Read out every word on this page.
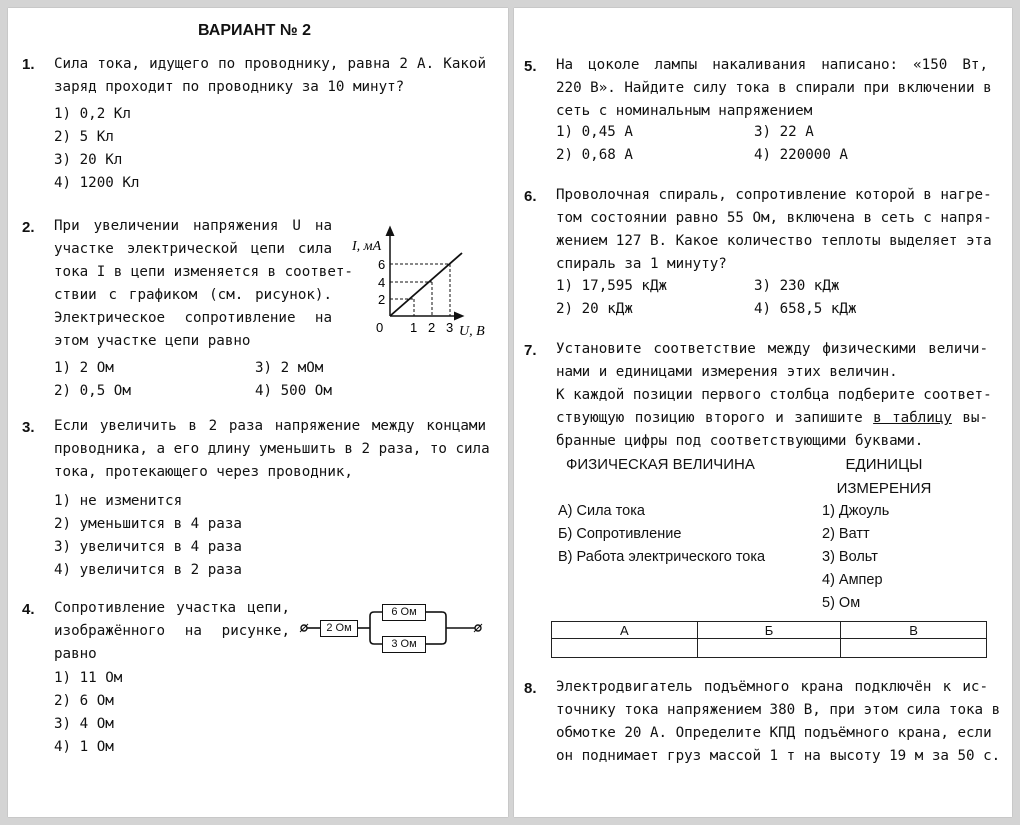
ВАРИАНТ № 2
1. Сила тока, идущего по проводнику, равна 2 А. Какой
заряд проходит по проводнику за 10 минут?
1) 0,2 Кл
2) 5 Кл
3) 20 Кл
4) 1200 Кл
2. При увеличении напряжения U на
участке электрической цепи сила
тока I в цепи изменяется в соответ-
ствии с графиком (см. рисунок).
Электрическое сопротивление на
этом участке цепи равно
I, мА
U, В
0
2
4
6
1 2 3
1) 2 Ом	3) 2 мОм
2) 0,5 Ом	4) 500 Ом
3. Если увеличить в 2 раза напряжение между концами
проводника, а его длину уменьшить в 2 раза, то сила
тока, протекающего через проводник,
1) не изменится
2) уменьшится в 4 раза
3) увеличится в 4 раза
4) увеличится в 2 раза
4. Сопротивление участка цепи,
изображённого на рисунке,
равно
2 Ом
6 Ом
3 Ом
1) 11 Ом
2) 6 Ом
3) 4 Ом
4) 1 Ом
5. На цоколе лампы накаливания написано: «150 Вт,
220 В». Найдите силу тока в спирали при включении в
сеть с номинальным напряжением
1) 0,45 А	3) 22 А
2) 0,68 А	4) 220000 А
6. Проволочная спираль, сопротивление которой в нагре-
том состоянии равно 55 Ом, включена в сеть с напря-
жением 127 В. Какое количество теплоты выделяет эта
спираль за 1 минуту?
1) 17,595 кДж	3) 230 кДж
2) 20 кДж	4) 658,5 кДж
7. Установите соответствие между физическими величи-
нами и единицами измерения этих величин.
К каждой позиции первого столбца подберите соответ-
ствующую позицию второго и запишите в таблицу вы-
бранные цифры под соответствующими буквами.
ФИЗИЧЕСКАЯ ВЕЛИЧИНА	ЕДИНИЦЫ
ИЗМЕРЕНИЯ
А) Сила тока
Б) Сопротивление
В) Работа электрического тока
1) Джоуль
2) Ватт
3) Вольт
4) Ампер
5) Ом
А	Б	В

8. Электродвигатель подъёмного крана подключён к ис-
точнику тока напряжением 380 В, при этом сила тока в
обмотке 20 А. Определите КПД подъёмного крана, если
он поднимает груз массой 1 т на высоту 19 м за 50 с.
